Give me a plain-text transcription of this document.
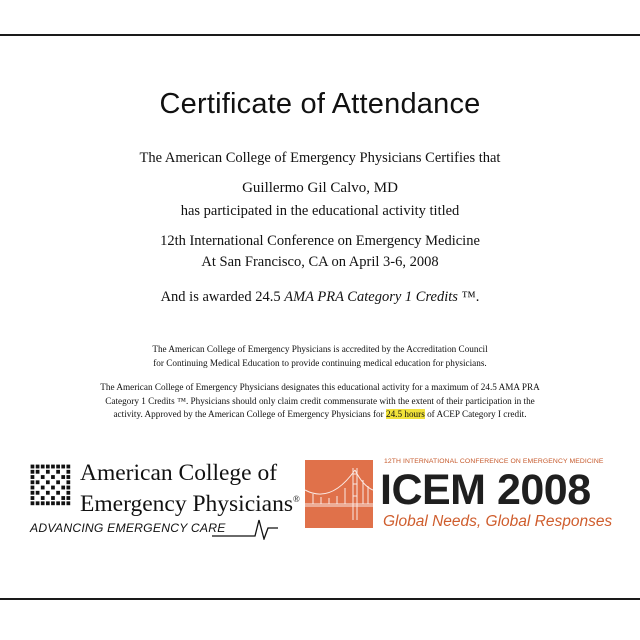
Certificate of Attendance
The American College of Emergency Physicians Certifies that
Guillermo Gil Calvo, MD
has participated in the educational activity titled
12th International Conference on Emergency Medicine
At San Francisco, CA on April 3-6, 2008
And is awarded 24.5 AMA PRA Category 1 Credits ™.
The American College of Emergency Physicians is accredited by the Accreditation Council
for Continuing Medical Education to provide continuing medical education for physicians.
The American College of Emergency Physicians designates this educational activity for a maximum of 24.5 AMA PRA
Category 1 Credits ™. Physicians should only claim credit commensurate with the extent of their participation in the
activity. Approved by the American College of Emergency Physicians for 24.5 hours of ACEP Category I credit.
American College of
Emergency Physicians®
ADVANCING EMERGENCY CARE
12TH INTERNATIONAL CONFERENCE ON EMERGENCY MEDICINE
ICEM 2008
Global Needs, Global Responses
